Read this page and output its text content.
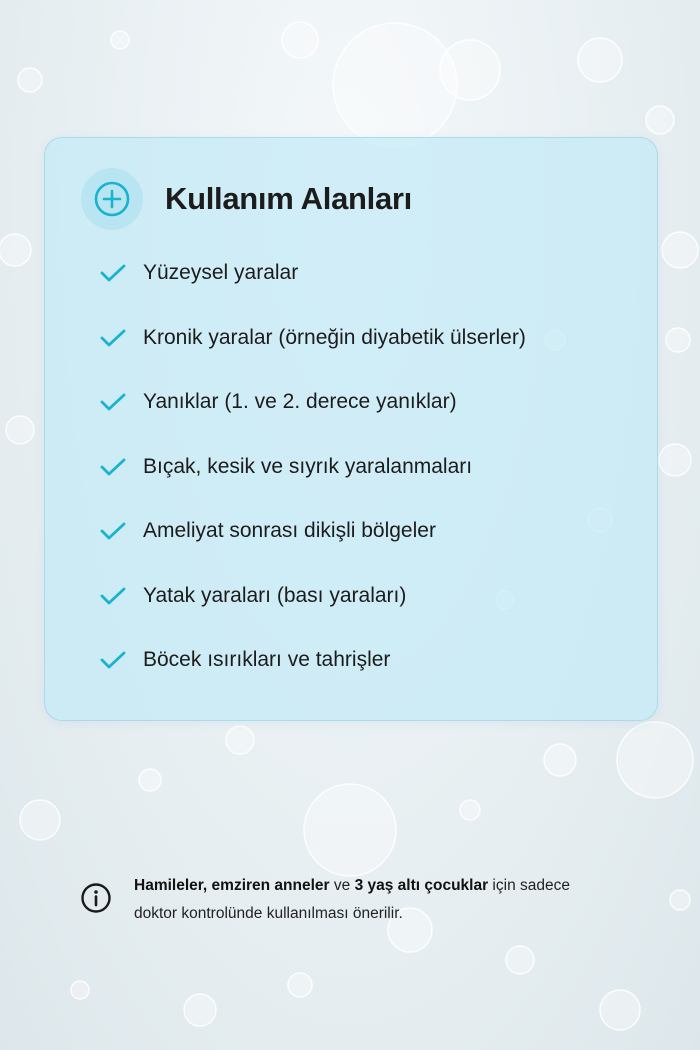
Kullanım Alanları
Yüzeysel yaralar
Kronik yaralar (örneğin diyabetik ülserler)
Yanıklar (1. ve 2. derece yanıklar)
Bıçak, kesik ve sıyrık yaralanmaları
Ameliyat sonrası dikişli bölgeler
Yatak yaraları (bası yaraları)
Böcek ısırıkları ve tahrişler
Hamileler, emziren anneler ve 3 yaş altı çocuklar için sadece
doktor kontrolünde kullanılması önerilir.
